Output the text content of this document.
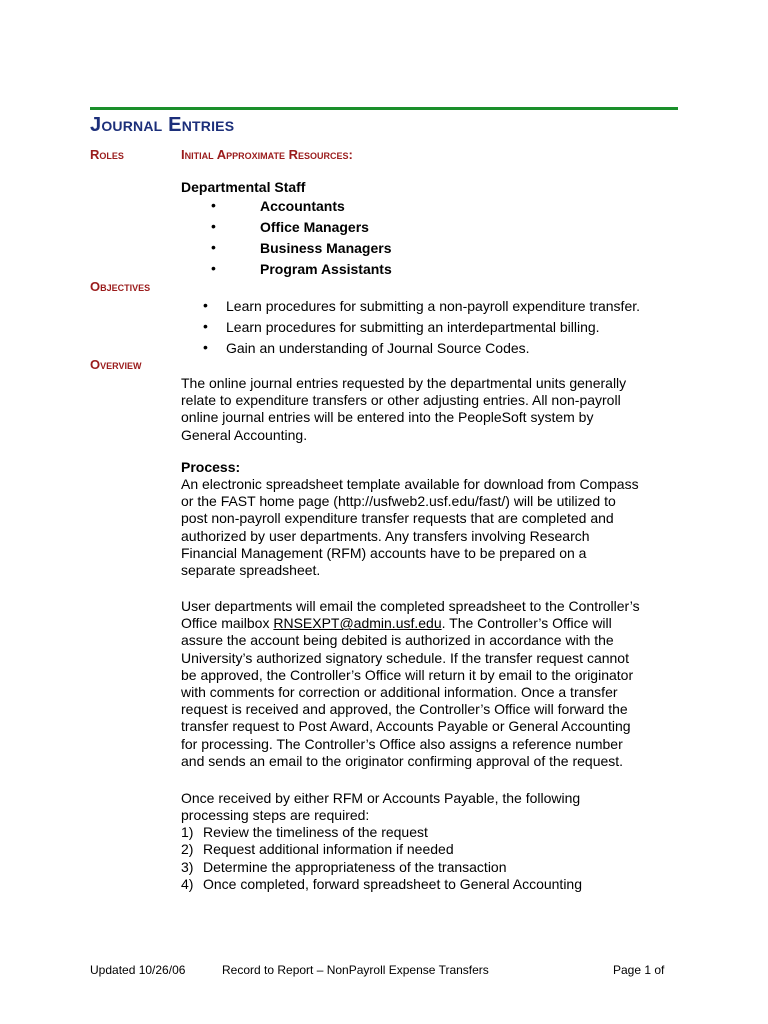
Journal Entries
Roles	Initial Approximate Resources:
Departmental Staff
•	Accountants
•	Office Managers
•	Business Managers
•	Program Assistants
Objectives
• Learn procedures for submitting a non-payroll expenditure transfer.
• Learn procedures for submitting an interdepartmental billing.
• Gain an understanding of Journal Source Codes.
Overview
The online journal entries requested by the departmental units generally
relate to expenditure transfers or other adjusting entries. All non-payroll
online journal entries will be entered into the PeopleSoft system by
General Accounting.
Process:
An electronic spreadsheet template available for download from Compass
or the FAST home page (http://usfweb2.usf.edu/fast/) will be utilized to
post non-payroll expenditure transfer requests that are completed and
authorized by user departments. Any transfers involving Research
Financial Management (RFM) accounts have to be prepared on a
separate spreadsheet.
User departments will email the completed spreadsheet to the Controller’s
Office mailbox RNSEXPT@admin.usf.edu. The Controller’s Office will
assure the account being debited is authorized in accordance with the
University’s authorized signatory schedule. If the transfer request cannot
be approved, the Controller’s Office will return it by email to the originator
with comments for correction or additional information. Once a transfer
request is received and approved, the Controller’s Office will forward the
transfer request to Post Award, Accounts Payable or General Accounting
for processing. The Controller’s Office also assigns a reference number
and sends an email to the originator confirming approval of the request.
Once received by either RFM or Accounts Payable, the following
processing steps are required:
1) Review the timeliness of the request
2) Request additional information if needed
3) Determine the appropriateness of the transaction
4) Once completed, forward spreadsheet to General Accounting
Updated 10/26/06	Record to Report – NonPayroll Expense Transfers	Page 1 of
